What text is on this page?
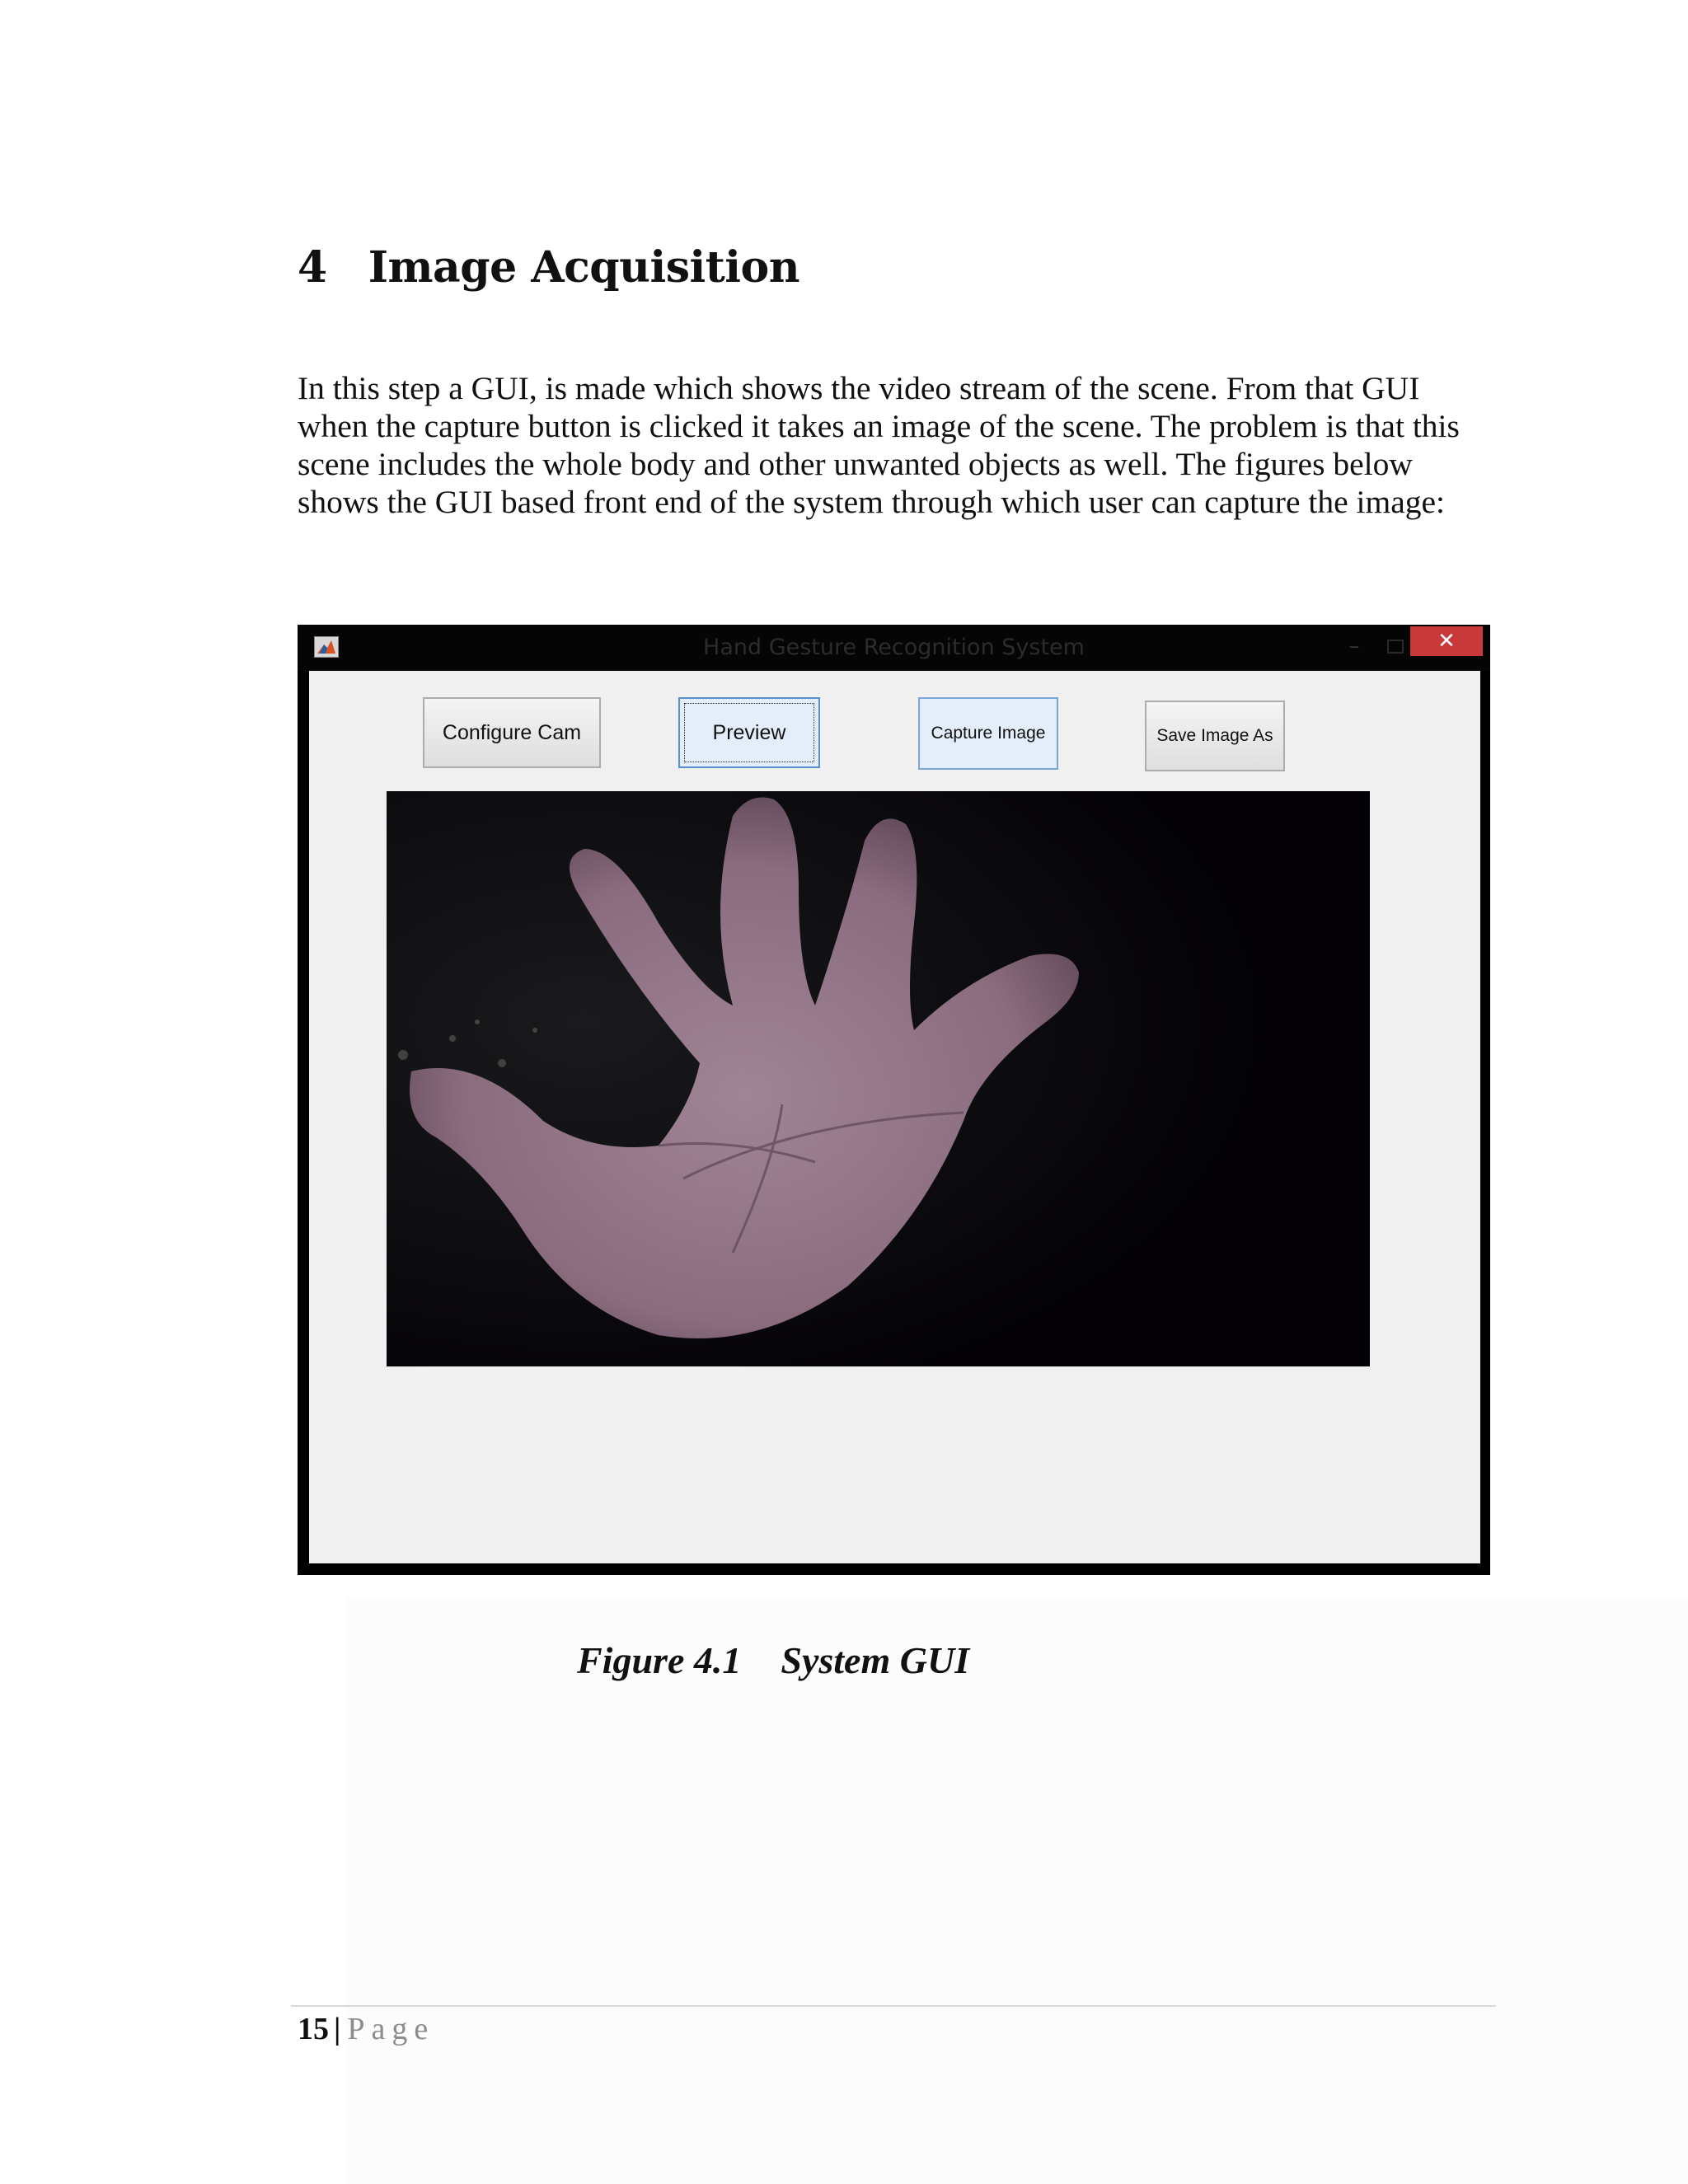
4 Image Acquisition
In this step a GUI, is made which shows the video stream of the scene. From that GUI
when the capture button is clicked it takes an image of the scene. The problem is that this
scene includes the whole body and other unwanted objects as well. The figures below
shows the GUI based front end of the system through which user can capture the image:
Hand Gesture Recognition System	–	✕
Configure Cam	Preview	Capture Image	Save Image As
Figure 4.1 System GUI
15 | Page
